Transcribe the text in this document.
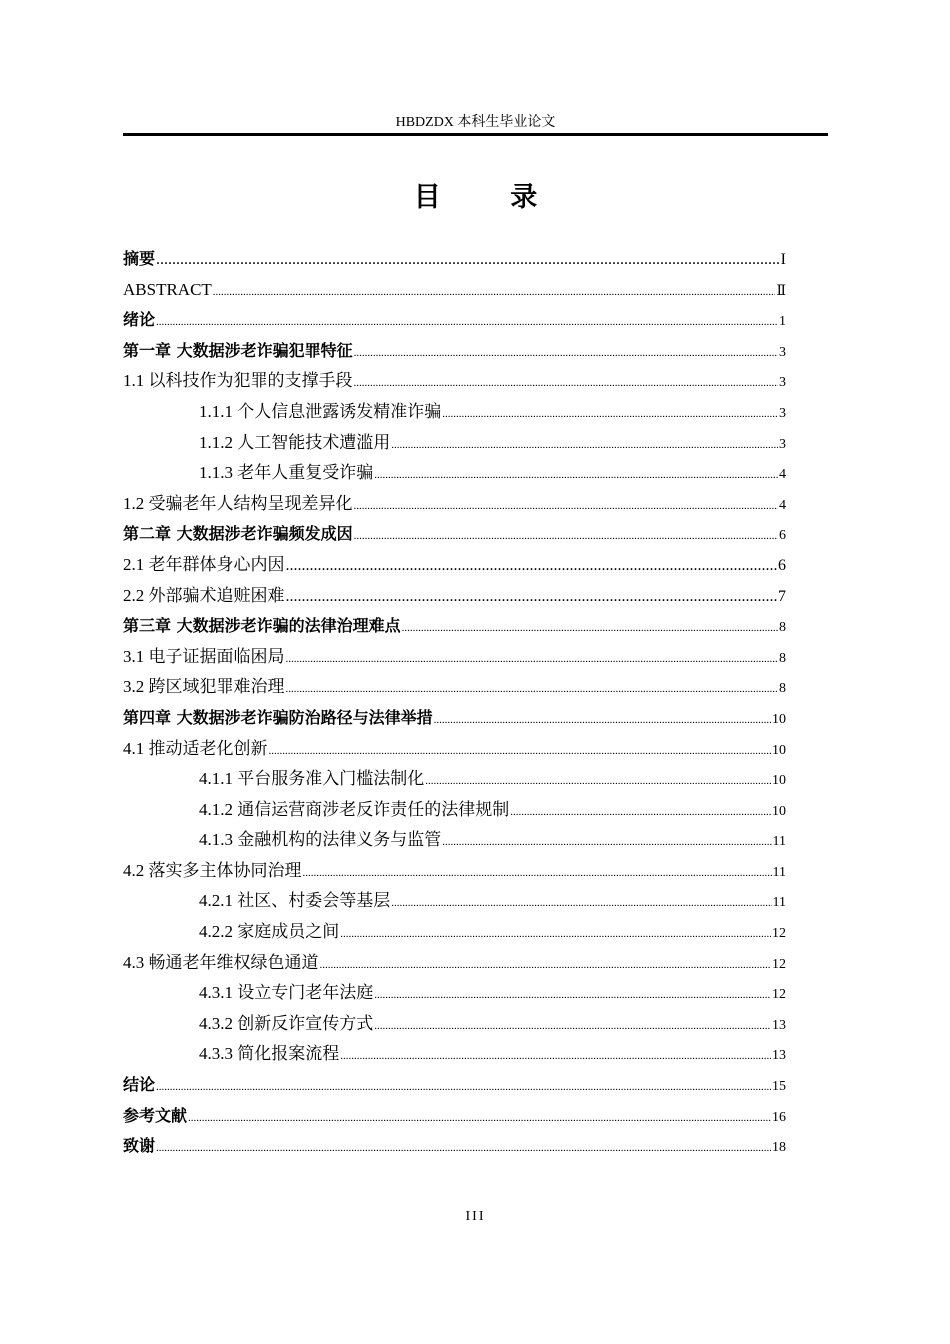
HBDZDX 本科生毕业论文
目 录
摘要 .....	I
ABSTRACT .....	Ⅱ
绪论 .....	1
第一章 大数据涉老诈骗犯罪特征 .....	3
1.1 以科技作为犯罪的支撑手段 .....	3
1.1.1 个人信息泄露诱发精准诈骗 .....	3
1.1.2 人工智能技术遭滥用 .....	3
1.1.3 老年人重复受诈骗 .....	4
1.2 受骗老年人结构呈现差异化 .....	4
第二章 大数据涉老诈骗频发成因 .....	6
2.1 老年群体身心内因 .....	6
2.2 外部骗术追赃困难 .....	7
第三章 大数据涉老诈骗的法律治理难点 .....	8
3.1 电子证据面临困局 .....	8
3.2 跨区域犯罪难治理 .....	8
第四章 大数据涉老诈骗防治路径与法律举措 .....	10
4.1 推动适老化创新 .....	10
4.1.1 平台服务准入门槛法制化 .....	10
4.1.2 通信运营商涉老反诈责任的法律规制 .....	10
4.1.3 金融机构的法律义务与监管 .....	11
4.2 落实多主体协同治理 .....	11
4.2.1 社区、村委会等基层 .....	11
4.2.2 家庭成员之间 .....	12
4.3 畅通老年维权绿色通道 .....	12
4.3.1 设立专门老年法庭 .....	12
4.3.2 创新反诈宣传方式 .....	13
4.3.3 简化报案流程 .....	13
结论 .....	15
参考文献 .....	16
致谢 .....	18
III
